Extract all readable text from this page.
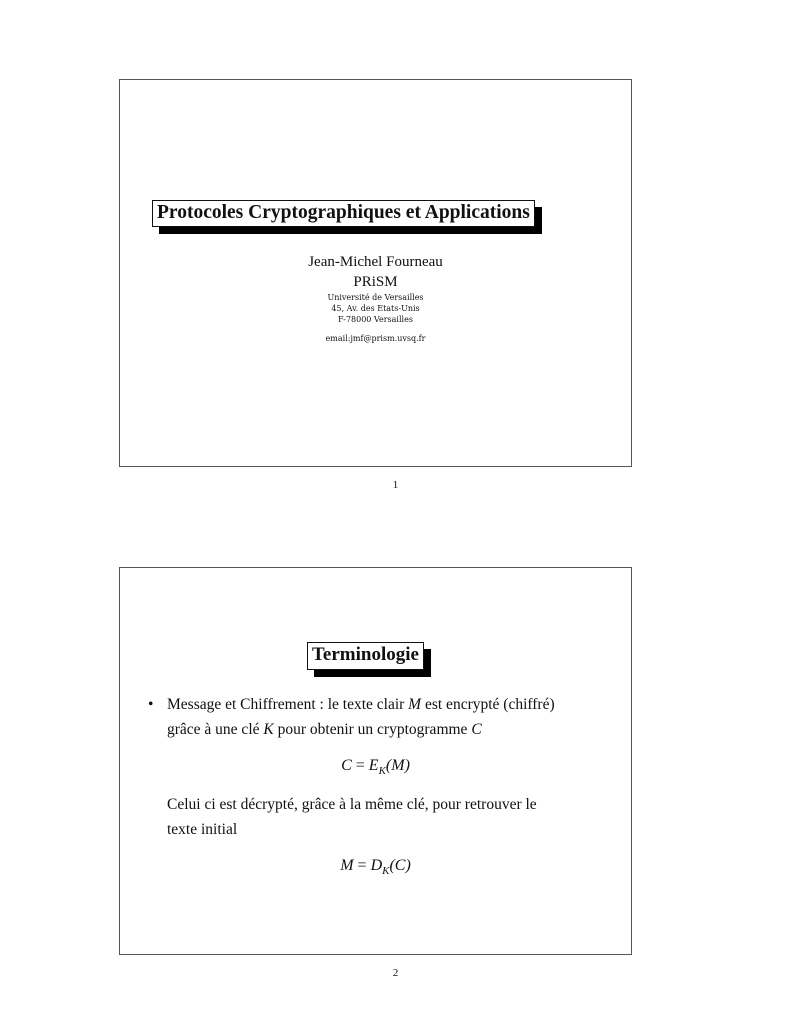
Protocoles Cryptographiques et Applications
Jean-Michel Fourneau
PRiSM
Université de Versailles
45, Av. des Etats-Unis
F-78000 Versailles
email:jmf@prism.uvsq.fr
1
Terminologie
• Message et Chiffrement : le texte clair M est encrypté (chiffré)
grâce à une clé K pour obtenir un cryptogramme C
$C = E_K(M)$
Celui ci est décrypté, grâce à la même clé, pour retrouver le
texte initial
$M = D_K(C)$
2
